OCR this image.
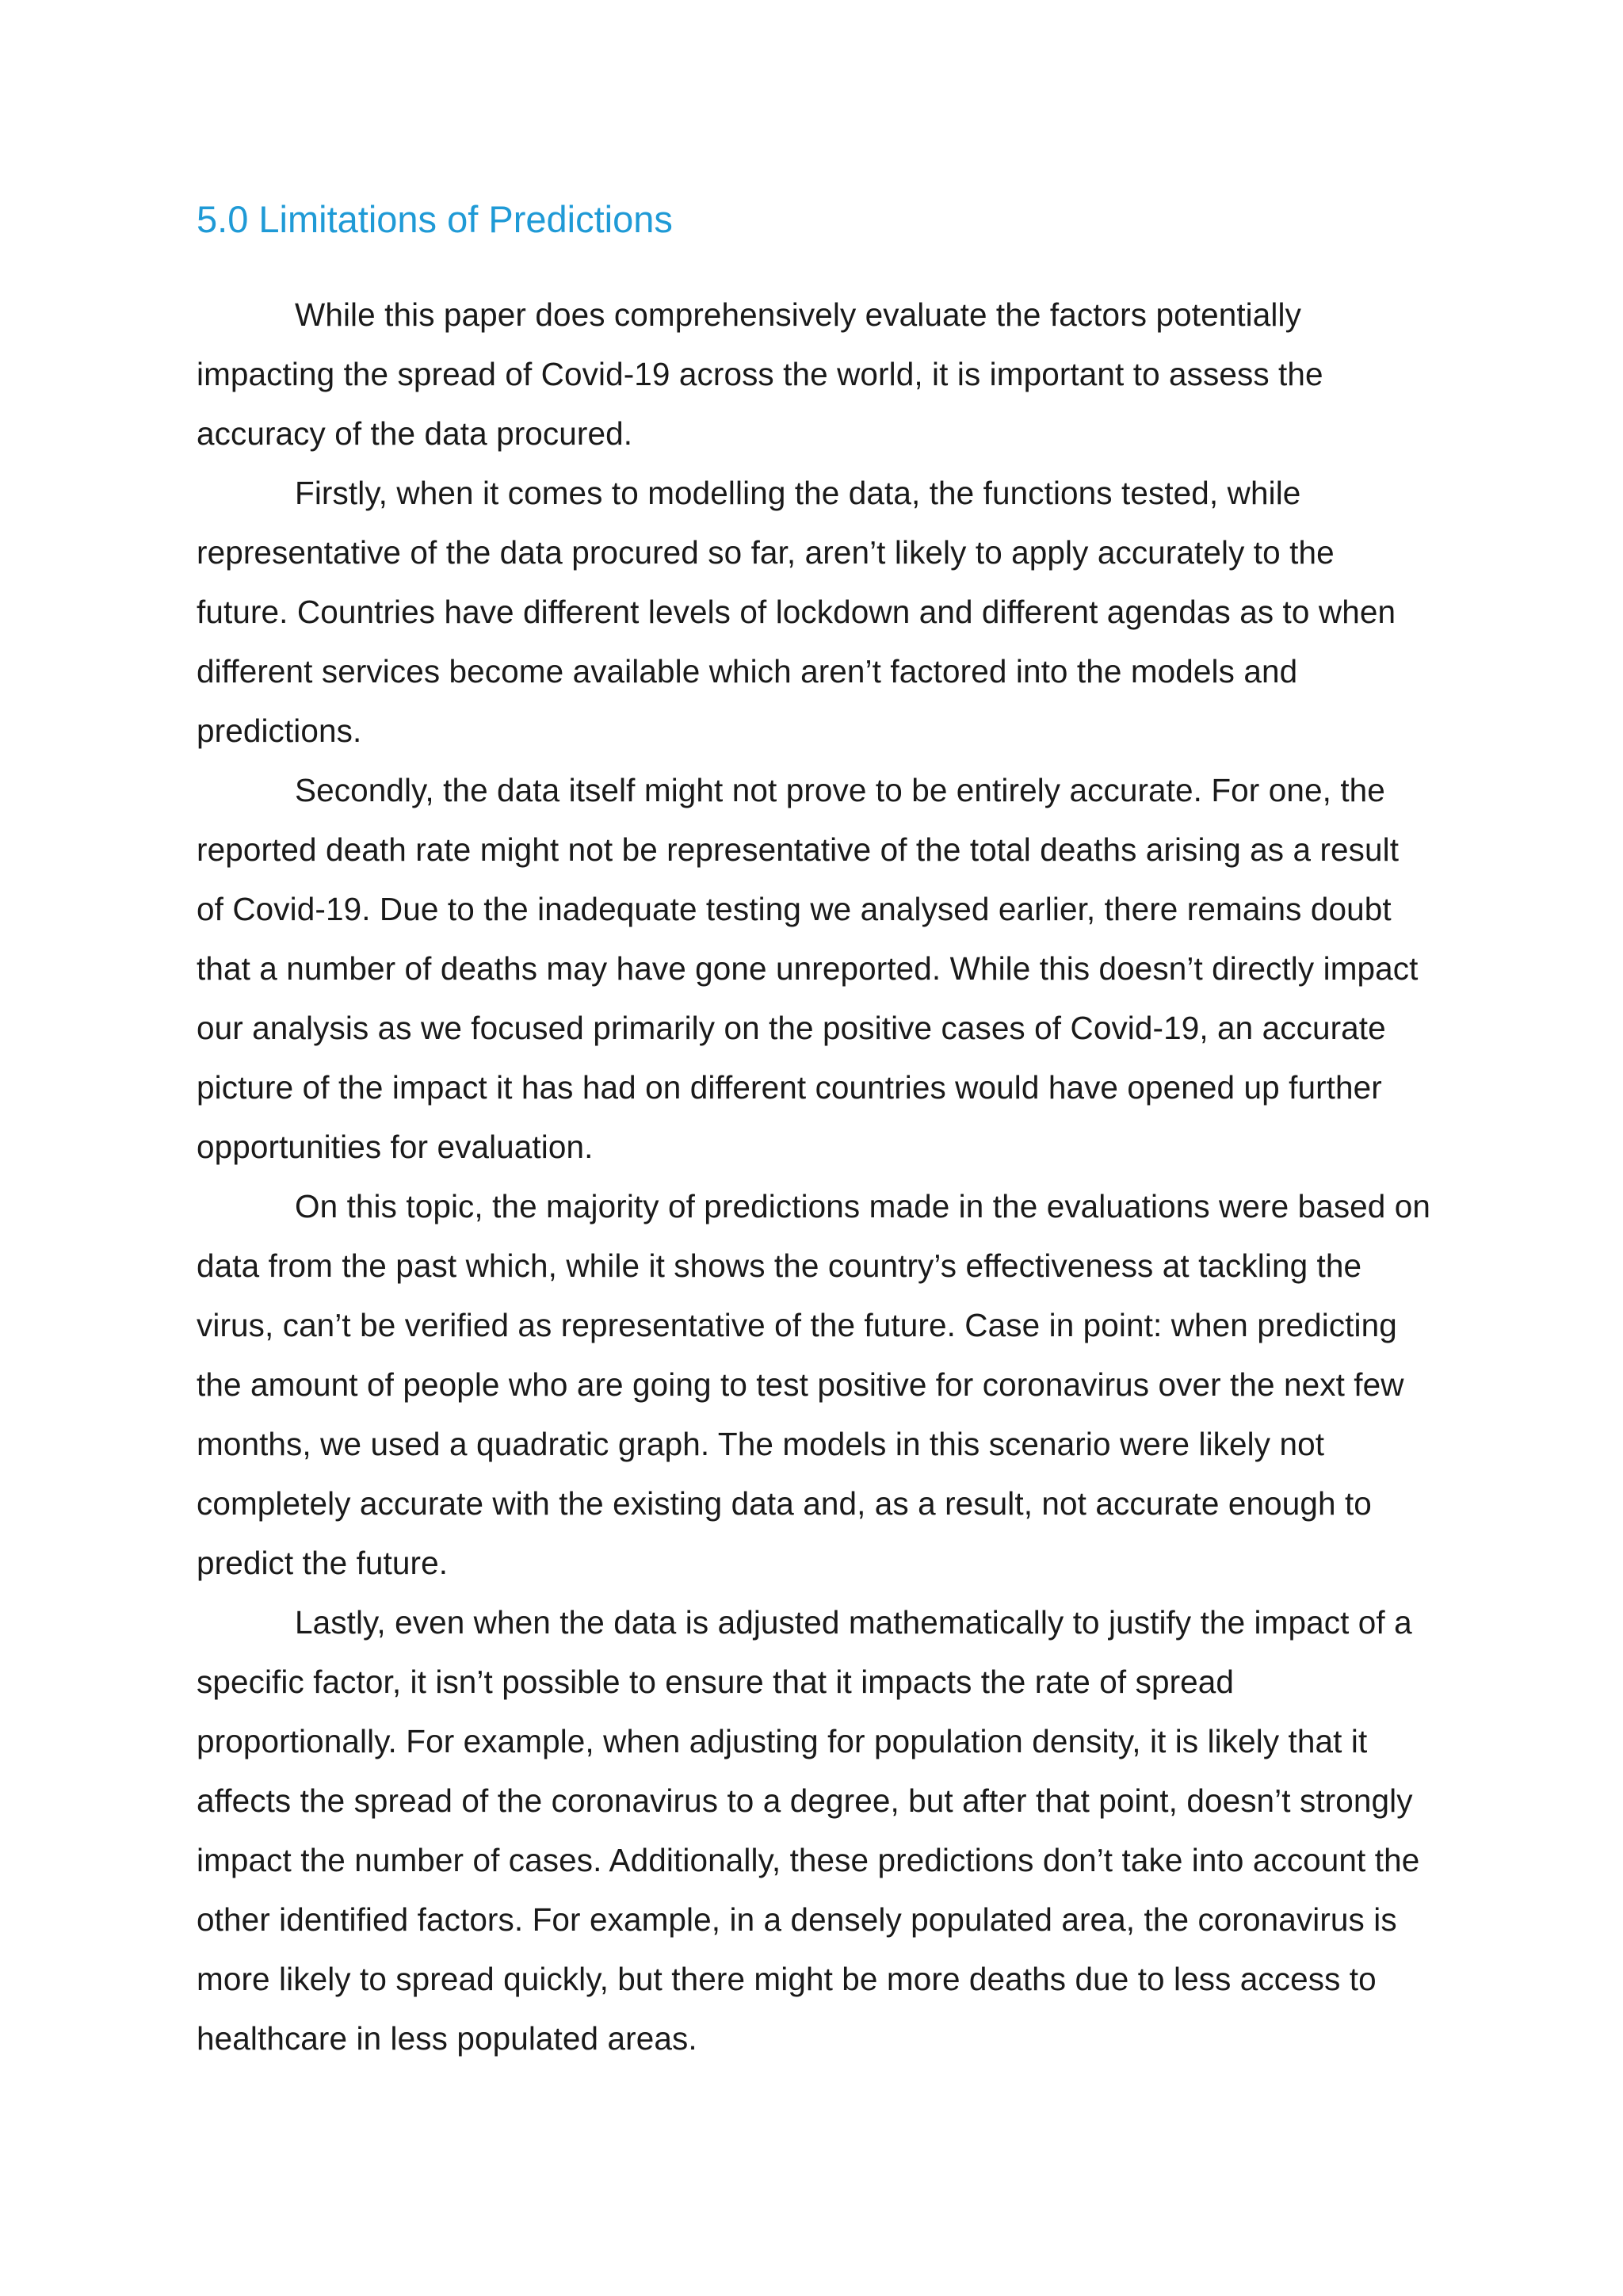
5.0 Limitations of Predictions

While this paper does comprehensively evaluate the factors potentially impacting the spread of Covid-19 across the world, it is important to assess the accuracy of the data procured.

Firstly, when it comes to modelling the data, the functions tested, while representative of the data procured so far, aren’t likely to apply accurately to the future. Countries have different levels of lockdown and different agendas as to when different services become available which aren’t factored into the models and predictions.

Secondly, the data itself might not prove to be entirely accurate. For one, the reported death rate might not be representative of the total deaths arising as a result of Covid-19. Due to the inadequate testing we analysed earlier, there remains doubt that a number of deaths may have gone unreported. While this doesn’t directly impact our analysis as we focused primarily on the positive cases of Covid-19, an accurate picture of the impact it has had on different countries would have opened up further opportunities for evaluation.

On this topic, the majority of predictions made in the evaluations were based on data from the past which, while it shows the country’s effectiveness at tackling the virus, can’t be verified as representative of the future. Case in point: when predicting the amount of people who are going to test positive for coronavirus over the next few months, we used a quadratic graph. The models in this scenario were likely not completely accurate with the existing data and, as a result, not accurate enough to predict the future.

Lastly, even when the data is adjusted mathematically to justify the impact of a specific factor, it isn’t possible to ensure that it impacts the rate of spread proportionally. For example, when adjusting for population density, it is likely that it affects the spread of the coronavirus to a degree, but after that point, doesn’t strongly impact the number of cases. Additionally, these predictions don’t take into account the other identified factors. For example, in a densely populated area, the coronavirus is more likely to spread quickly, but there might be more deaths due to less access to healthcare in less populated areas.
